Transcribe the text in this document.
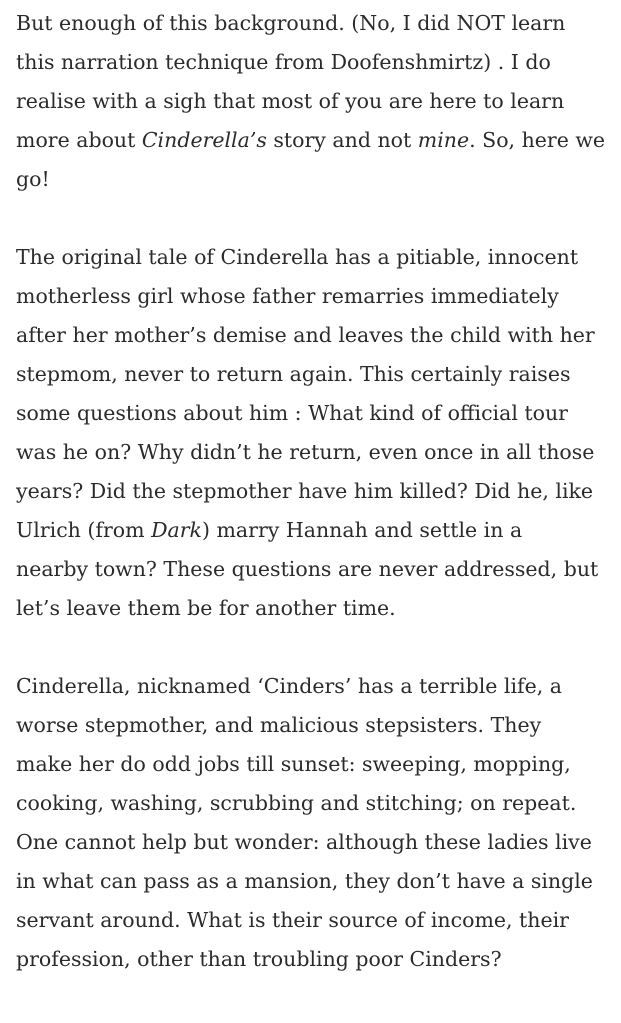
But enough of this background. (No, I did NOT learn
this narration technique from Doofenshmirtz) . I do
realise with a sigh that most of you are here to learn
more about Cinderella’s story and not mine. So, here we
go!
The original tale of Cinderella has a pitiable, innocent
motherless girl whose father remarries immediately
after her mother’s demise and leaves the child with her
stepmom, never to return again. This certainly raises
some questions about him : What kind of official tour
was he on? Why didn’t he return, even once in all those
years? Did the stepmother have him killed? Did he, like
Ulrich (from Dark) marry Hannah and settle in a
nearby town? These questions are never addressed, but
let’s leave them be for another time.
Cinderella, nicknamed ‘Cinders’ has a terrible life, a
worse stepmother, and malicious stepsisters. They
make her do odd jobs till sunset: sweeping, mopping,
cooking, washing, scrubbing and stitching; on repeat.
One cannot help but wonder: although these ladies live
in what can pass as a mansion, they don’t have a single
servant around. What is their source of income, their
profession, other than troubling poor Cinders?
